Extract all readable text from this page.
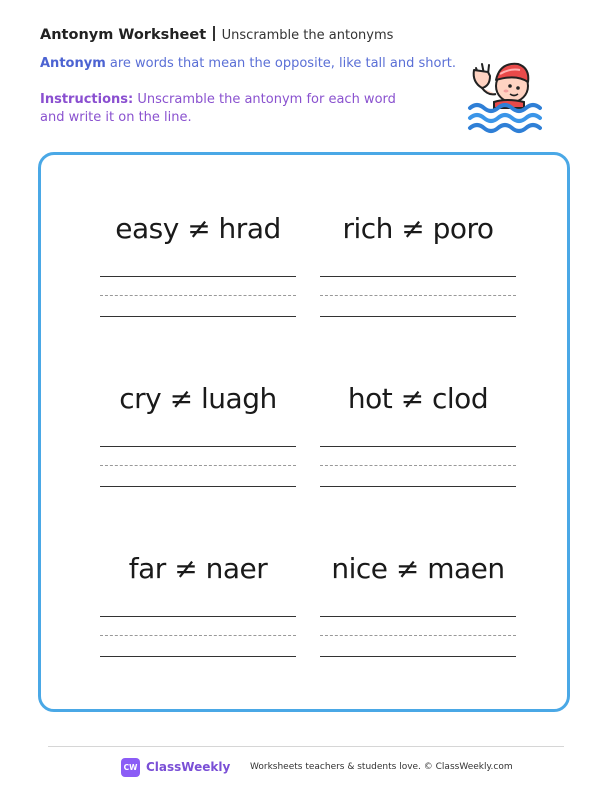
Antonym Worksheet Unscramble the antonyms
Antonym are words that mean the opposite, like tall and short.
Instructions: Unscramble the antonym for each word and write it on the line.
easy ≠ hrad	rich ≠ poro
cry ≠ luagh	hot ≠ clod
far ≠ naer	nice ≠ maen
CW ClassWeekly Worksheets teachers & students love. © ClassWeekly.com
